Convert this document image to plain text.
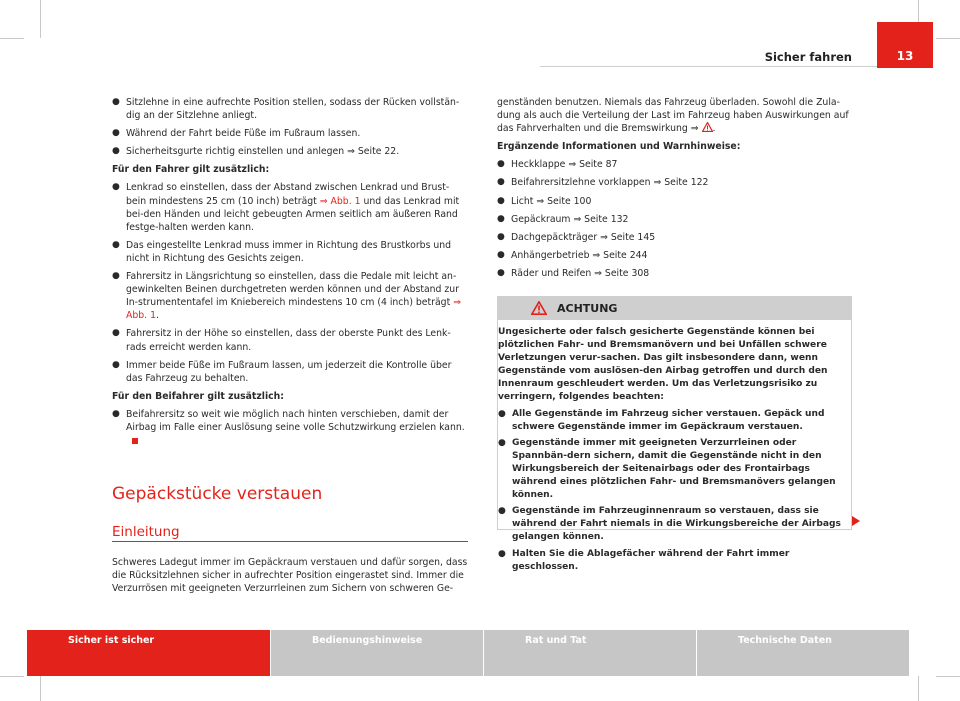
Sicher fahren	13
● Sitzlehne in eine aufrechte Position stellen, sodass der Rücken vollstän-dig an der Sitzlehne anliegt.
● Während der Fahrt beide Füße im Fußraum lassen.
● Sicherheitsgurte richtig einstellen und anlegen ⇒ Seite 22.
Für den Fahrer gilt zusätzlich:
● Lenkrad so einstellen, dass der Abstand zwischen Lenkrad und Brust-bein mindestens 25 cm (10 inch) beträgt ⇒ Abb. 1 und das Lenkrad mit bei-den Händen und leicht gebeugten Armen seitlich am äußeren Rand festge-halten werden kann.
● Das eingestellte Lenkrad muss immer in Richtung des Brustkorbs und nicht in Richtung des Gesichts zeigen.
● Fahrersitz in Längsrichtung so einstellen, dass die Pedale mit leicht an-gewinkelten Beinen durchgetreten werden können und der Abstand zur In-strumententafel im Kniebereich mindestens 10 cm (4 inch) beträgt ⇒ Abb. 1.
● Fahrersitz in der Höhe so einstellen, dass der oberste Punkt des Lenk-rads erreicht werden kann.
● Immer beide Füße im Fußraum lassen, um jederzeit die Kontrolle über das Fahrzeug zu behalten.
Für den Beifahrer gilt zusätzlich:
● Beifahrersitz so weit wie möglich nach hinten verschieben, damit der Airbag im Falle einer Auslösung seine volle Schutzwirkung erzielen kann.
Gepäckstücke verstauen
Einleitung
Schweres Ladegut immer im Gepäckraum verstauen und dafür sorgen, dass die Rücksitzlehnen sicher in aufrechter Position eingerastet sind. Immer die Verzurrösen mit geeigneten Verzurrleinen zum Sichern von schweren Ge-

genständen benutzen. Niemals das Fahrzeug überladen. Sowohl die Zula-dung als auch die Verteilung der Last im Fahrzeug haben Auswirkungen auf das Fahrverhalten und die Bremswirkung ⇒ .

Ergänzende Informationen und Warnhinweise:
● Heckklappe ⇒ Seite 87
● Beifahrersitzlehne vorklappen ⇒ Seite 122
● Licht ⇒ Seite 100
● Gepäckraum ⇒ Seite 132
● Dachgepäckträger ⇒ Seite 145
● Anhängerbetrieb ⇒ Seite 244
● Räder und Reifen ⇒ Seite 308
ACHTUNG

Ungesicherte oder falsch gesicherte Gegenstände können bei plötzlichen Fahr- und Bremsmanövern und bei Unfällen schwere Verletzungen verur-sachen. Das gilt insbesondere dann, wenn Gegenstände vom auslösen-den Airbag getroffen und durch den Innenraum geschleudert werden. Um das Verletzungsrisiko zu verringern, folgendes beachten:

● Alle Gegenstände im Fahrzeug sicher verstauen. Gepäck und schwere Gegenstände immer im Gepäckraum verstauen.
● Gegenstände immer mit geeigneten Verzurrleinen oder Spannbän-dern sichern, damit die Gegenstände nicht in den Wirkungsbereich der Seitenairbags oder des Frontairbags während eines plötzlichen Fahr- und Bremsmanövers gelangen können.
● Gegenstände im Fahrzeuginnenraum so verstauen, dass sie während der Fahrt niemals in die Wirkungsbereiche der Airbags gelangen können.
● Halten Sie die Ablagefächer während der Fahrt immer geschlossen.
Sicher ist sicher	Bedienungshinweise	Rat und Tat	Technische Daten
